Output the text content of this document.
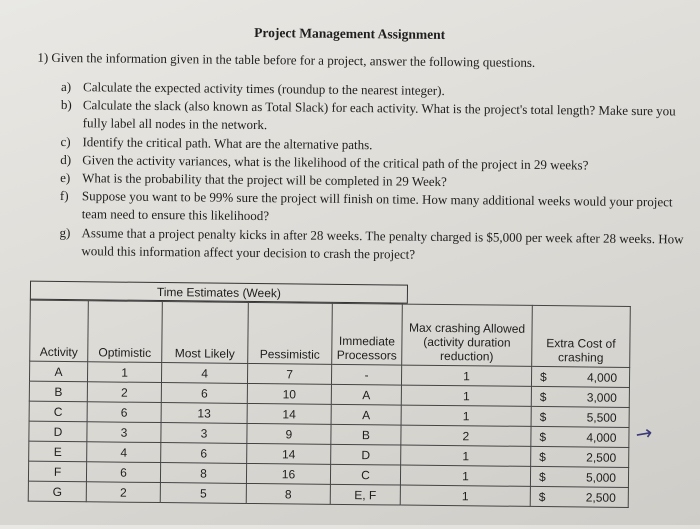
Project Management Assignment
1) Given the information given in the table before for a project, answer the following questions.
a) Calculate the expected activity times (roundup to the nearest integer).
b) Calculate the slack (also known as Total Slack) for each activity. What is the project's total length? Make sure you fully label all nodes in the network.
c) Identify the critical path. What are the alternative paths.
d) Given the activity variances, what is the likelihood of the critical path of the project in 29 weeks?
e) What is the probability that the project will be completed in 29 Week?
f) Suppose you want to be 99% sure the project will finish on time. How many additional weeks would your project team need to ensure this likelihood?
g) Assume that a project penalty kicks in after 28 weeks. The penalty charged is $5,000 per week after 28 weeks. How would this information affect your decision to crash the project?
Time Estimates (Week)
Activity	Optimistic	Most Likely	Pessimistic	Immediate Processors	Max crashing Allowed (activity duration reduction)	Extra Cost of crashing
A	1	4	7	-	1	$ 4,000

B	2	6	10	A	1	$ 3,000

C	6	13	14	A	1	$ 5,500

D	3	3	9	B	2	$ 4,000

E	4	6	14	D	1	$ 2,500

F	6	8	16	C	1	$ 5,000

G	2	5	8	E, F	1	$ 2,500
→
